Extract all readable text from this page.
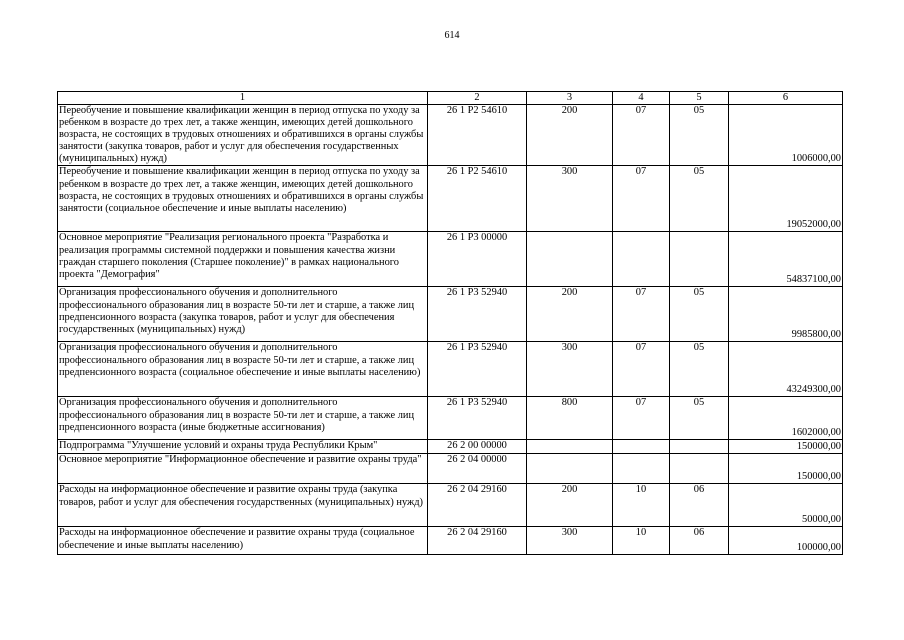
614
1	2	3	4	5	6
Переобучение и повышение квалификации женщин в период отпуска по уходу за ребенком в возрасте до трех лет, а также женщин, имеющих детей дошкольного возраста, не состоящих в трудовых отношениях и обратившихся в органы службы занятости (закупка товаров, работ и услуг для обеспечения государственных (муниципальных) нужд)	26 1 P2 54610	200	07	05	1006000,00
Переобучение и повышение квалификации женщин в период отпуска по уходу за ребенком в возрасте до трех лет, а также женщин, имеющих детей дошкольного возраста, не состоящих в трудовых отношениях и обратившихся в органы службы занятости (социальное обеспечение и иные выплаты населению)	26 1 P2 54610	300	07	05	19052000,00
Основное мероприятие "Реализация регионального проекта "Разработка и реализация программы системной поддержки и повышения качества жизни граждан старшего поколения (Старшее поколение)" в рамках национального проекта "Демография"	26 1 P3 00000				54837100,00
Организация профессионального обучения и дополнительного профессионального образования лиц в возрасте 50-ти лет и старше, а также лиц предпенсионного возраста (закупка товаров, работ и услуг для обеспечения государственных (муниципальных) нужд)	26 1 P3 52940	200	07	05	9985800,00
Организация профессионального обучения и дополнительного профессионального образования лиц в возрасте 50-ти лет и старше, а также лиц предпенсионного возраста (социальное обеспечение и иные выплаты населению)	26 1 P3 52940	300	07	05	43249300,00
Организация профессионального обучения и дополнительного профессионального образования лиц в возрасте 50-ти лет и старше, а также лиц предпенсионного возраста (иные бюджетные ассигнования)	26 1 P3 52940	800	07	05	1602000,00
Подпрограмма "Улучшение условий и охраны труда Республики Крым"	26 2 00 00000				150000,00
Основное мероприятие "Информационное обеспечение и развитие охраны труда"	26 2 04 00000				150000,00
Расходы на информационное обеспечение и развитие охраны труда (закупка товаров, работ и услуг для обеспечения государственных (муниципальных) нужд)	26 2 04 29160	200	10	06	50000,00
Расходы на информационное обеспечение и развитие охраны труда (социальное обеспечение и иные выплаты населению)	26 2 04 29160	300	10	06	100000,00
